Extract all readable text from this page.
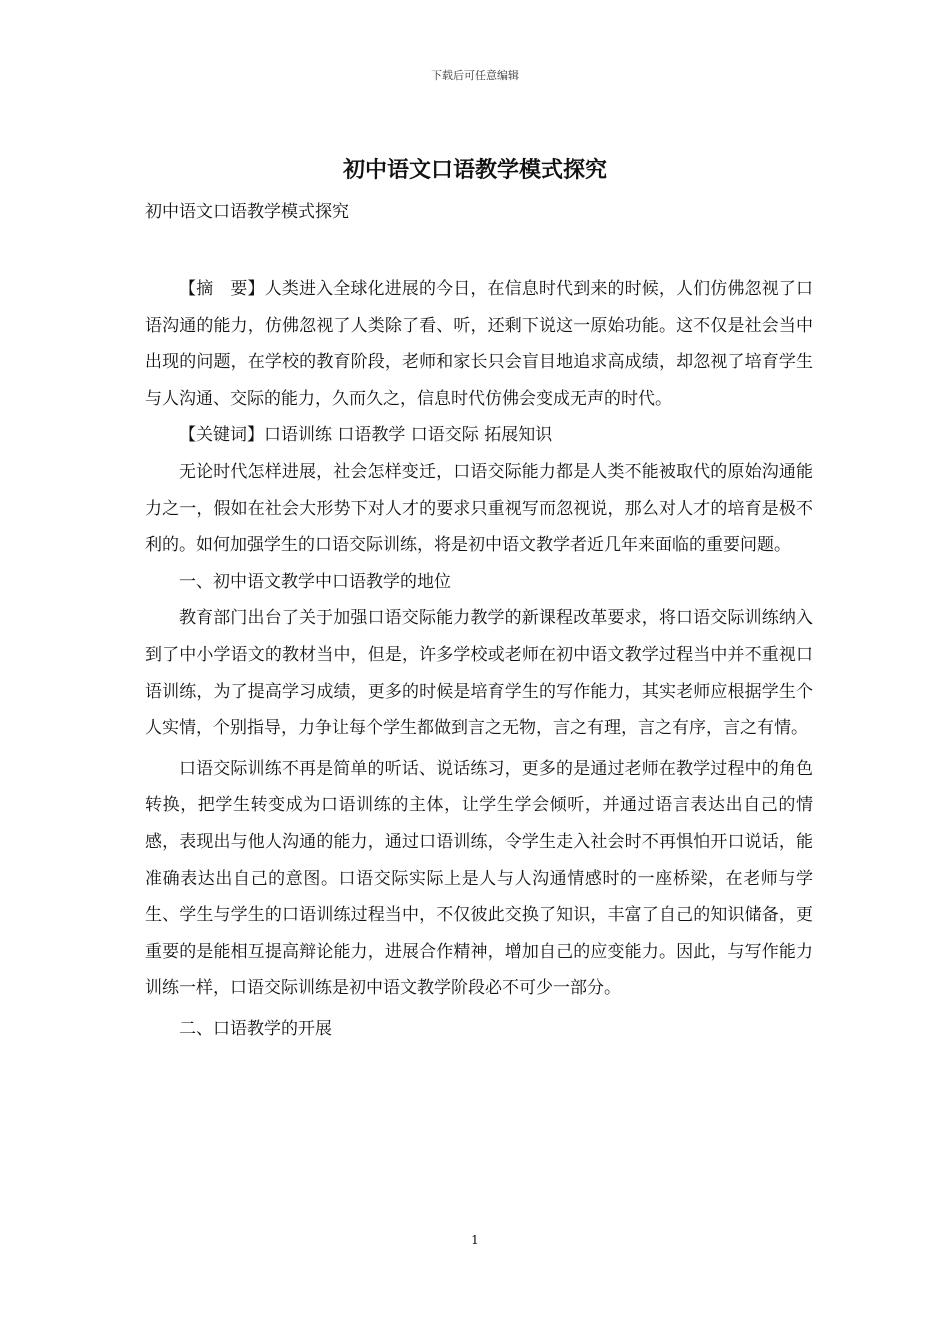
下载后可任意编辑
初中语文口语教学模式探究

初中语文口语教学模式探究

【摘　要】人类进入全球化进展的今日，在信息时代到来的时候，人们仿佛忽视了口语沟通的能力，仿佛忽视了人类除了看、听，还剩下说这一原始功能。这不仅是社会当中出现的问题，在学校的教育阶段，老师和家长只会盲目地追求高成绩，却忽视了培育学生与人沟通、交际的能力，久而久之，信息时代仿佛会变成无声的时代。

【关键词】口语训练 口语教学 口语交际 拓展知识

无论时代怎样进展，社会怎样变迁，口语交际能力都是人类不能被取代的原始沟通能力之一，假如在社会大形势下对人才的要求只重视写而忽视说，那么对人才的培育是极不利的。如何加强学生的口语交际训练，将是初中语文教学者近几年来面临的重要问题。

一、初中语文教学中口语教学的地位

教育部门出台了关于加强口语交际能力教学的新课程改革要求，将口语交际训练纳入到了中小学语文的教材当中，但是，许多学校或老师在初中语文教学过程当中并不重视口语训练，为了提高学习成绩，更多的时候是培育学生的写作能力，其实老师应根据学生个人实情，个别指导，力争让每个学生都做到言之无物，言之有理，言之有序，言之有情。

口语交际训练不再是简单的听话、说话练习，更多的是通过老师在教学过程中的角色转换，把学生转变成为口语训练的主体，让学生学会倾听，并通过语言表达出自己的情感，表现出与他人沟通的能力，通过口语训练，令学生走入社会时不再惧怕开口说话，能准确表达出自己的意图。口语交际实际上是人与人沟通情感时的一座桥梁，在老师与学生、学生与学生的口语训练过程当中，不仅彼此交换了知识，丰富了自己的知识储备，更重要的是能相互提高辩论能力，进展合作精神，增加自己的应变能力。因此，与写作能力训练一样，口语交际训练是初中语文教学阶段必不可少一部分。

二、口语教学的开展

1
